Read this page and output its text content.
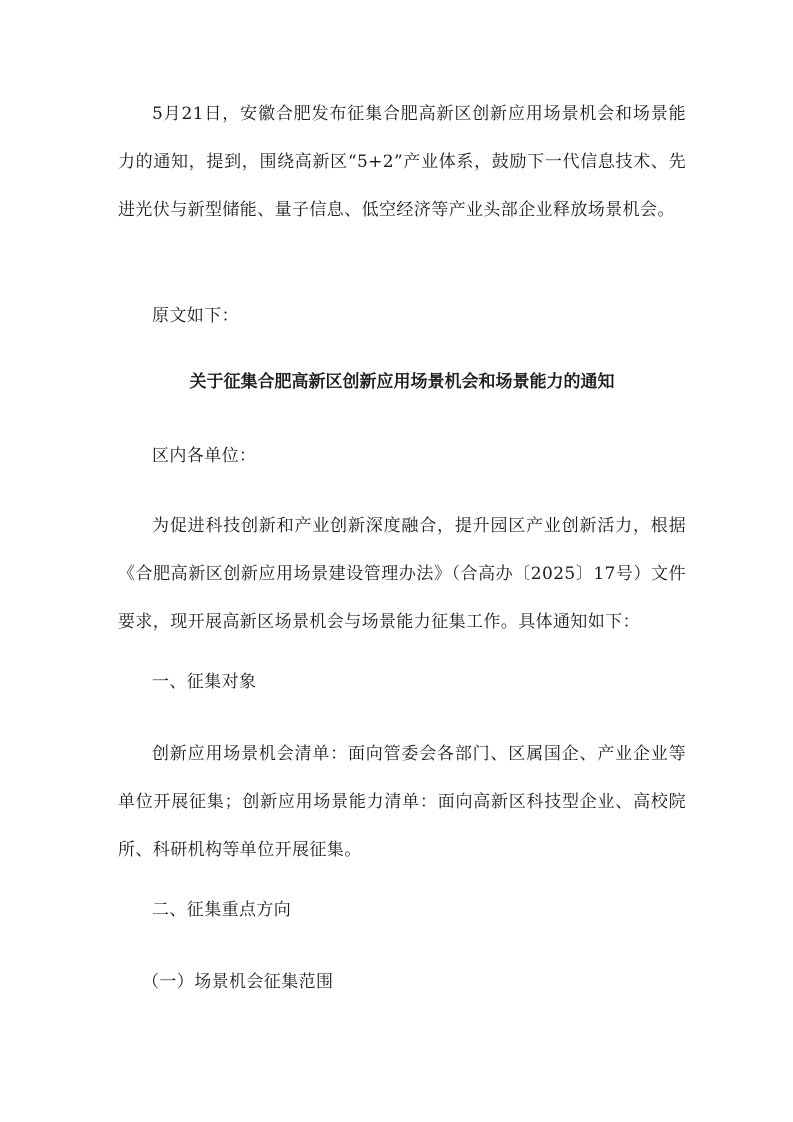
5月21日，安徽合肥发布征集合肥高新区创新应用场景机会和场景能力的通知，提到，围绕高新区“5+2”产业体系，鼓励下一代信息技术、先进光伏与新型储能、量子信息、低空经济等产业头部企业释放场景机会。

原文如下：

关于征集合肥高新区创新应用场景机会和场景能力的通知

区内各单位：

为促进科技创新和产业创新深度融合，提升园区产业创新活力，根据《合肥高新区创新应用场景建设管理办法》（合高办〔2025〕17号）文件要求，现开展高新区场景机会与场景能力征集工作。具体通知如下：

一、征集对象

创新应用场景机会清单：面向管委会各部门、区属国企、产业企业等单位开展征集；创新应用场景能力清单：面向高新区科技型企业、高校院所、科研机构等单位开展征集。

二、征集重点方向

（一）场景机会征集范围
